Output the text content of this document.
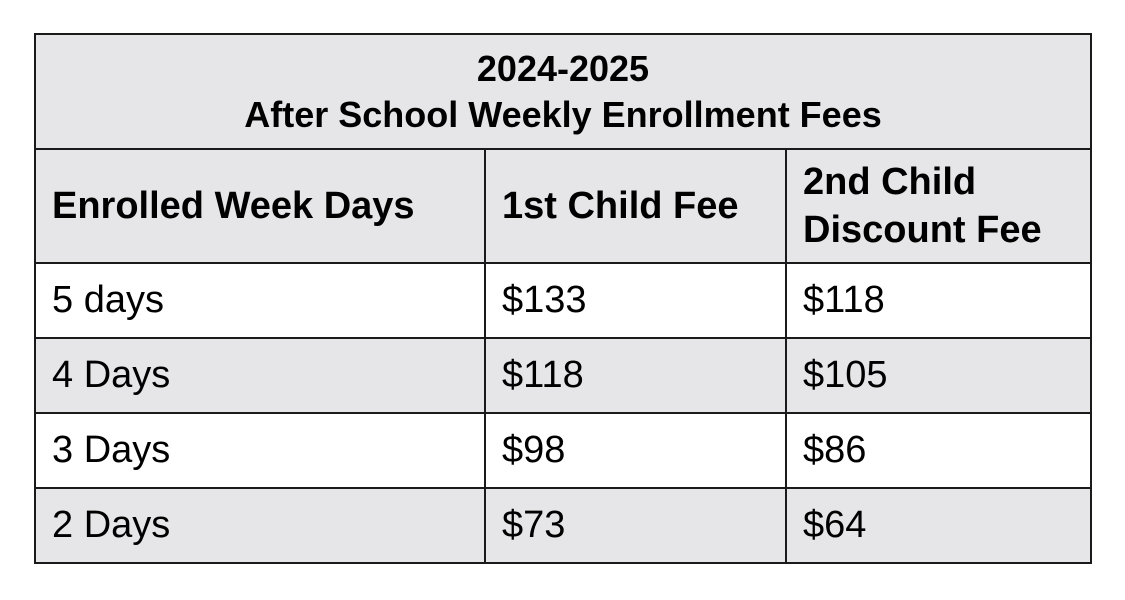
2024-2025
After School Weekly Enrollment Fees		

Enrolled Week Days	1st Child Fee	2nd Child
Discount Fee

5 days	$133	$118
4 Days	$118	$105
3 Days	$98	$86
2 Days	$73	$64
